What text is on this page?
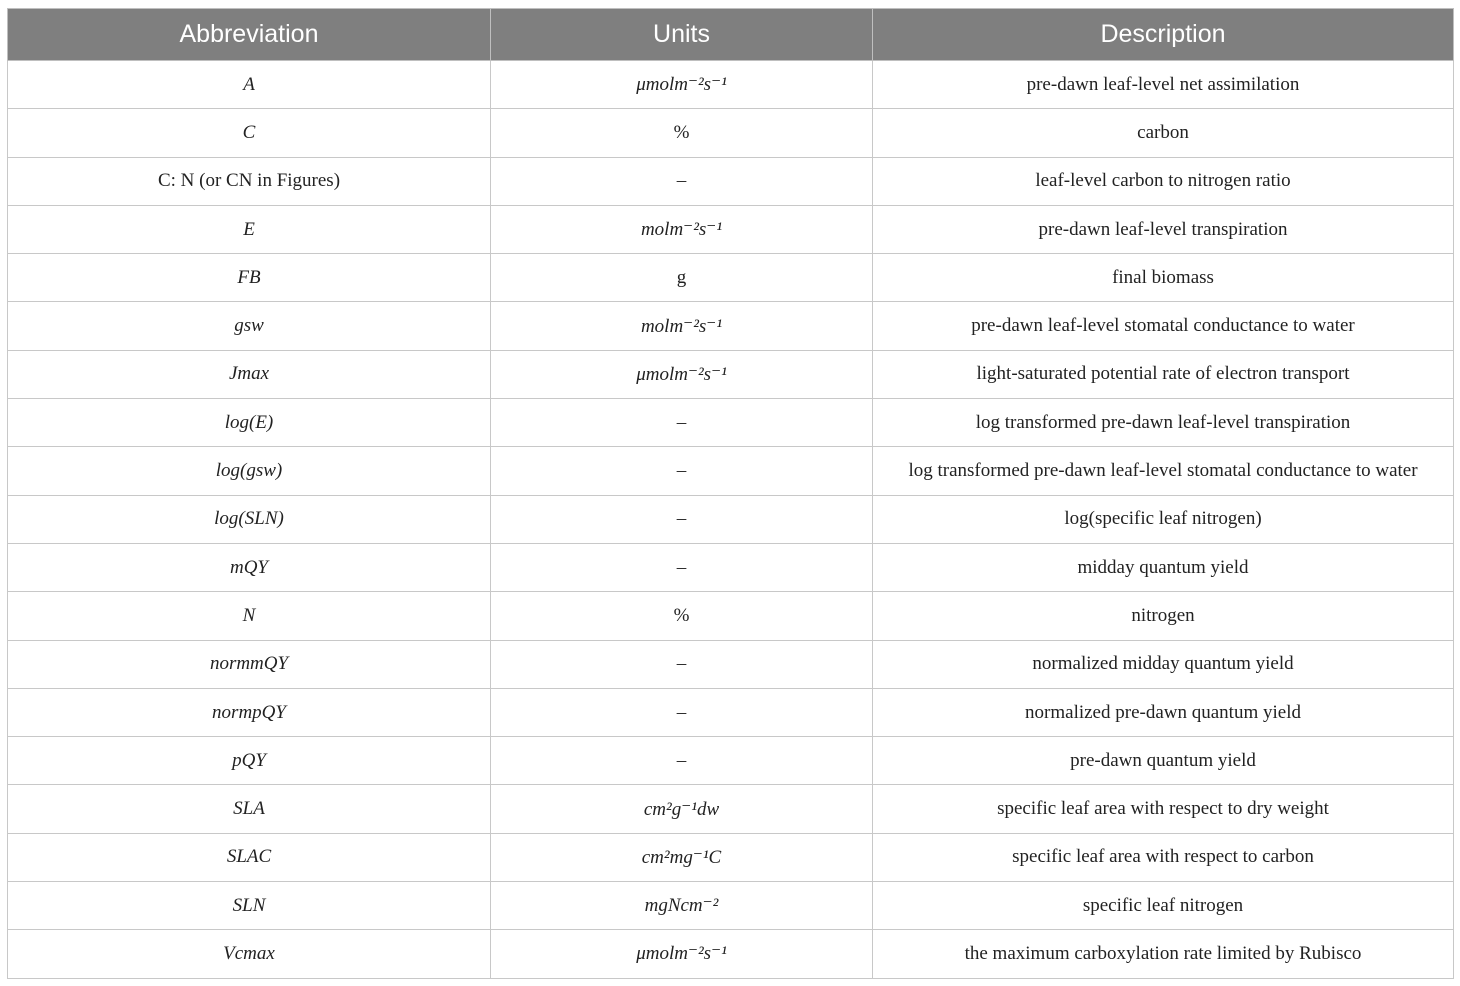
Abbreviation	Units	Description
A	μmolm⁻²s⁻¹	pre-dawn leaf-level net assimilation
C	%	carbon
C: N (or CN in Figures)	–	leaf-level carbon to nitrogen ratio
E	molm⁻²s⁻¹	pre-dawn leaf-level transpiration
FB	g	final biomass
gsw	molm⁻²s⁻¹	pre-dawn leaf-level stomatal conductance to water
Jmax	μmolm⁻²s⁻¹	light-saturated potential rate of electron transport
log(E)	–	log transformed pre-dawn leaf-level transpiration
log(gsw)	–	log transformed pre-dawn leaf-level stomatal conductance to water
log(SLN)	–	log(specific leaf nitrogen)
mQY	–	midday quantum yield
N	%	nitrogen
normmQY	–	normalized midday quantum yield
normpQY	–	normalized pre-dawn quantum yield
pQY	–	pre-dawn quantum yield
SLA	cm²g⁻¹dw	specific leaf area with respect to dry weight
SLAC	cm²mg⁻¹C	specific leaf area with respect to carbon
SLN	mgNcm⁻²	specific leaf nitrogen
Vcmax	μmolm⁻²s⁻¹	the maximum carboxylation rate limited by Rubisco
